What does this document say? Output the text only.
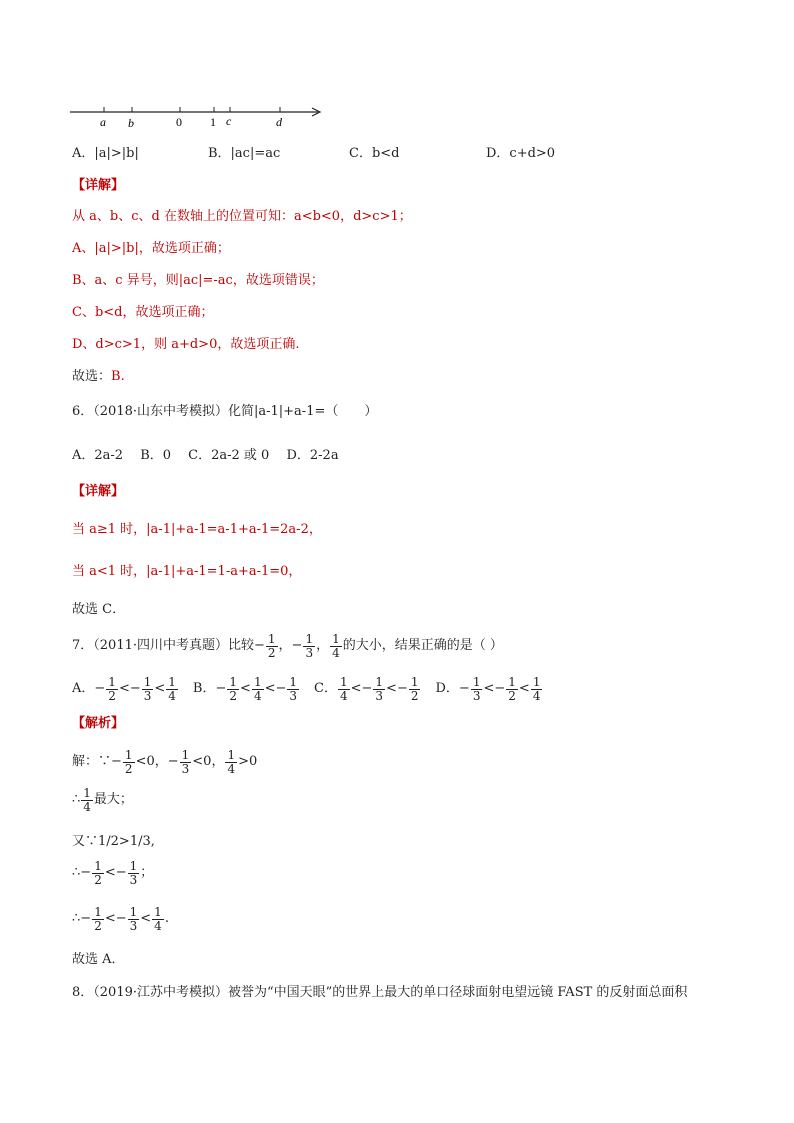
a b	0 1 c	d
A．|a|>|b|	B．|ac|=ac	C．b<d	D．c+d>0
【详解】
从 a、b、c、d 在数轴上的位置可知：a<b<0，d>c>1；
A、|a|>|b|，故选项正确；
B、a、c 异号，则|ac|=-ac，故选项错误；
C、b<d，故选项正确；
D、d>c>1，则 a+d>0，故选项正确.
故选：B.
6．（2018·山东中考模拟）化简|a-1|+a-1=（　　）
A．2a-2　 B．0　 C．2a-2 或 0　 D．2-2a
【详解】
当 a≥1 时，|a-1|+a-1=a-1+a-1=2a-2，
当 a<1 时，|a-1|+a-1=1-a+a-1=0，
故选 C．
7．（2011·四川中考真题）比较 − $\frac{1}{2}$ ，− $\frac{1}{3}$ ， $\frac{1}{4}$ 的大小，结果正确的是（ ）
A． − $\frac{1}{2} <- \frac{1}{3} < \frac{1}{4}$ B． − $\frac{1}{2} < \frac{1}{4} <- \frac{1}{3}$ C． $\frac{1}{4} <- \frac{1}{3} <- \frac{1}{2}$ D． − $\frac{1}{3} <- \frac{1}{2} < \frac{1}{4}$
【解析】
解：∵ − $\frac{1}{2} <0$， − $\frac{1}{3} <0$， $\frac{1}{4} >0$
∴ $\frac{1}{4}$ 最大；
又∵1/2>1/3,
∴ − $\frac{1}{2} <- \frac{1}{3}$ ；
∴ − $\frac{1}{2} <- \frac{1}{3} < \frac{1}{4}$ .
故选 A．
8．（2019·江苏中考模拟）被誉为“中国天眼”的世界上最大的单口径球面射电望远镜 FAST 的反射面总面积
